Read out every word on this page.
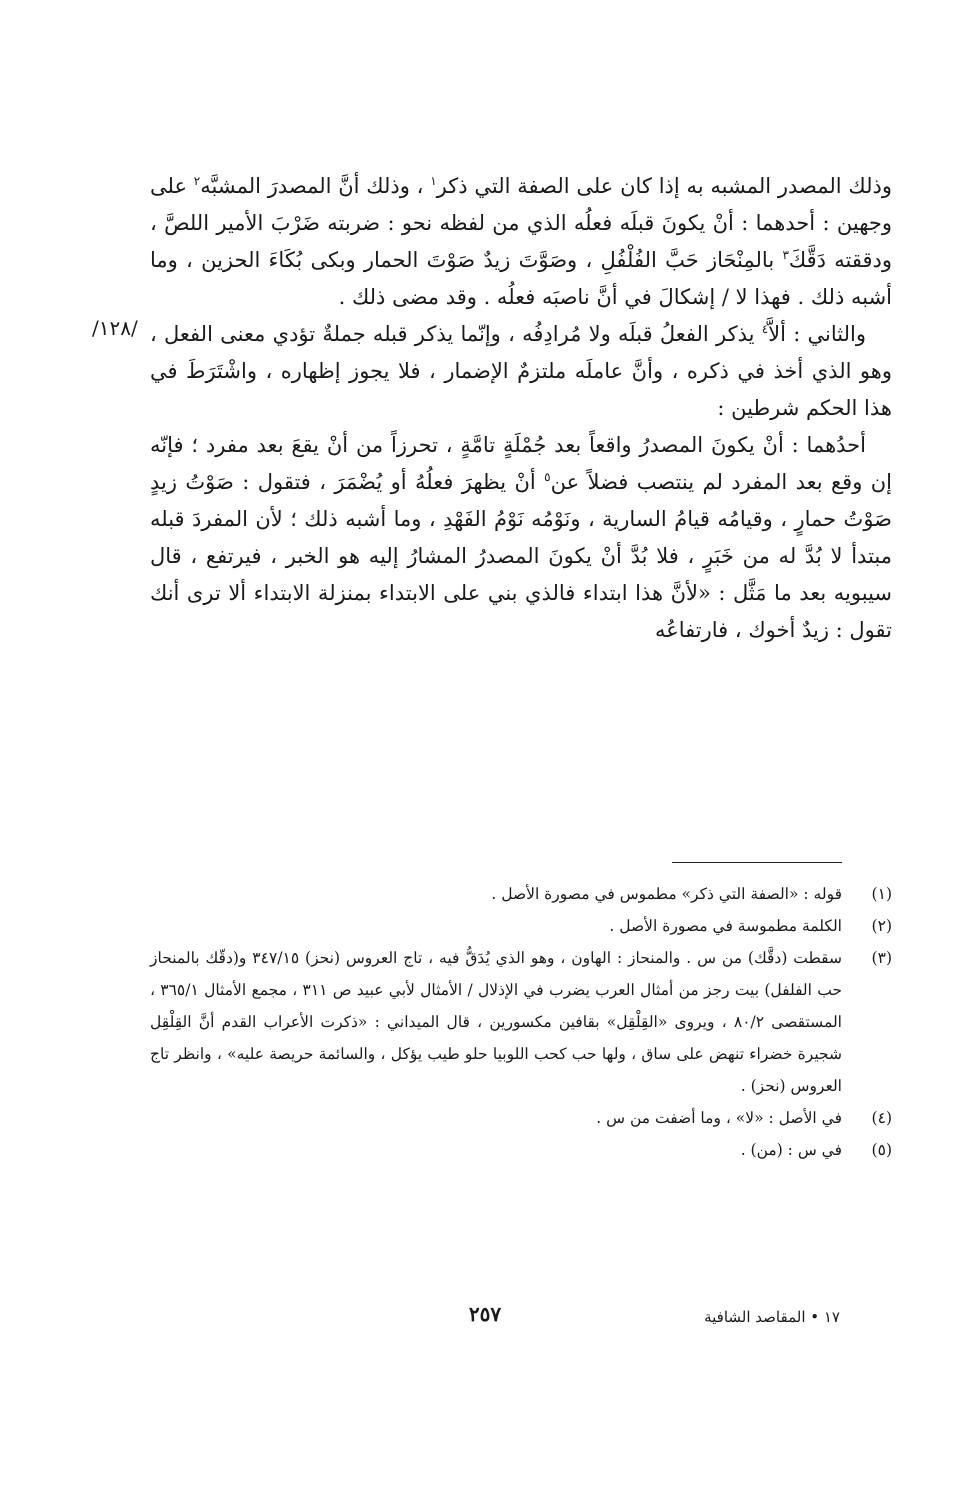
وذلك المصدر المشبه به إذا كان على الصفة التي ذكر$^١$ ، وذلك أنَّ المصدرَ المشبَّه$^٢$ على وجهين : أحدهما : أنْ يكونَ قبلَه فعلُه الذي من لفظه نحو : ضربته ضَرْبَ الأمير اللصَّ ، ودققته دَقَّكَ$^٣$ بالمِنْحَاز حَبَّ الفُلْفُلِ ، وصَوَّتَ زيدٌ صَوْتَ الحمار وبكى بُكَاءَ الحزين ، وما أشبه ذلك . فهذا لا / إشكالَ في أنَّ ناصبَه فعلُه . وقد مضى ذلك .

والثاني : ألاَّ$^٤$ يذكر الفعلُ قبلَه ولا مُرادِفُه ، وإنّما يذكر قبله جملةٌ تؤدي معنى الفعل ، وهو الذي أخذ في ذكره ، وأنَّ عاملَه ملتزمٌ الإضمار ، فلا يجوز إظهاره ، واشْتَرَطَ في هذا الحكم شرطين :

أحدُهما : أنْ يكونَ المصدرُ واقعاً بعد جُمْلَةٍ تامَّةٍ ، تحرزاً من أنْ يقعَ بعد مفرد ؛ فإنّه إن وقع بعد المفرد لم ينتصب فضلاً عن$^٥$ أنْ يظهرَ فعلُهُ أو يُضْمَرَ ، فتقول : صَوْتُ زيدٍ صَوْتُ حمارٍ ، وقيامُه قيامُ السارية ، ونَوْمُه نَوْمُ الفَهْدِ ، وما أشبه ذلك ؛ لأن المفردَ قبله مبتدأ لا بُدَّ له من خَبَرٍ ، فلا بُدَّ أنْ يكونَ المصدرُ المشارُ إليه هو الخبر ، فيرتفع ، قال سيبويه بعد ما مَثَّل : «لأنَّ هذا ابتداء فالذي بني على الابتداء بمنزلة الابتداء ألا ترى أنك تقول : زيدٌ أخوك ، فارتفاعُه

/١٢٨/
(١)
قوله : «الصفة التي ذكر» مطموس في مصورة الأصل .
(٢)
الكلمة مطموسة في مصورة الأصل .
(٣)
سقطت (دقَّك) من س . والمنحاز : الهاون ، وهو الذي يُدَقُّ فيه ، تاج العروس (نحز) ٣٤٧/١٥ و(دقّك بالمنحاز حب الفلفل) بيت رجز من أمثال العرب يضرب في الإذلال / الأمثال لأبي عبيد ص ٣١١ ، مجمع الأمثال ٣٦٥/١ ، المستقصى ٨٠/٢ ، ويروى «القِلْقِل» بقافين مكسورين ، قال الميداني : «ذكرت الأعراب القدم أنَّ القِلْقِل شجيرة خضراء تنهض على ساق ، ولها حب كحب اللوبيا حلو طيب يؤكل ، والسائمة حريصة عليه» ، وانظر تاج العروس (نحز) .
(٤)
في الأصل : «لا» ، وما أضفت من س .
(٥)
في س : (من) .
١٧ • المقاصد الشافية
٢٥٧
